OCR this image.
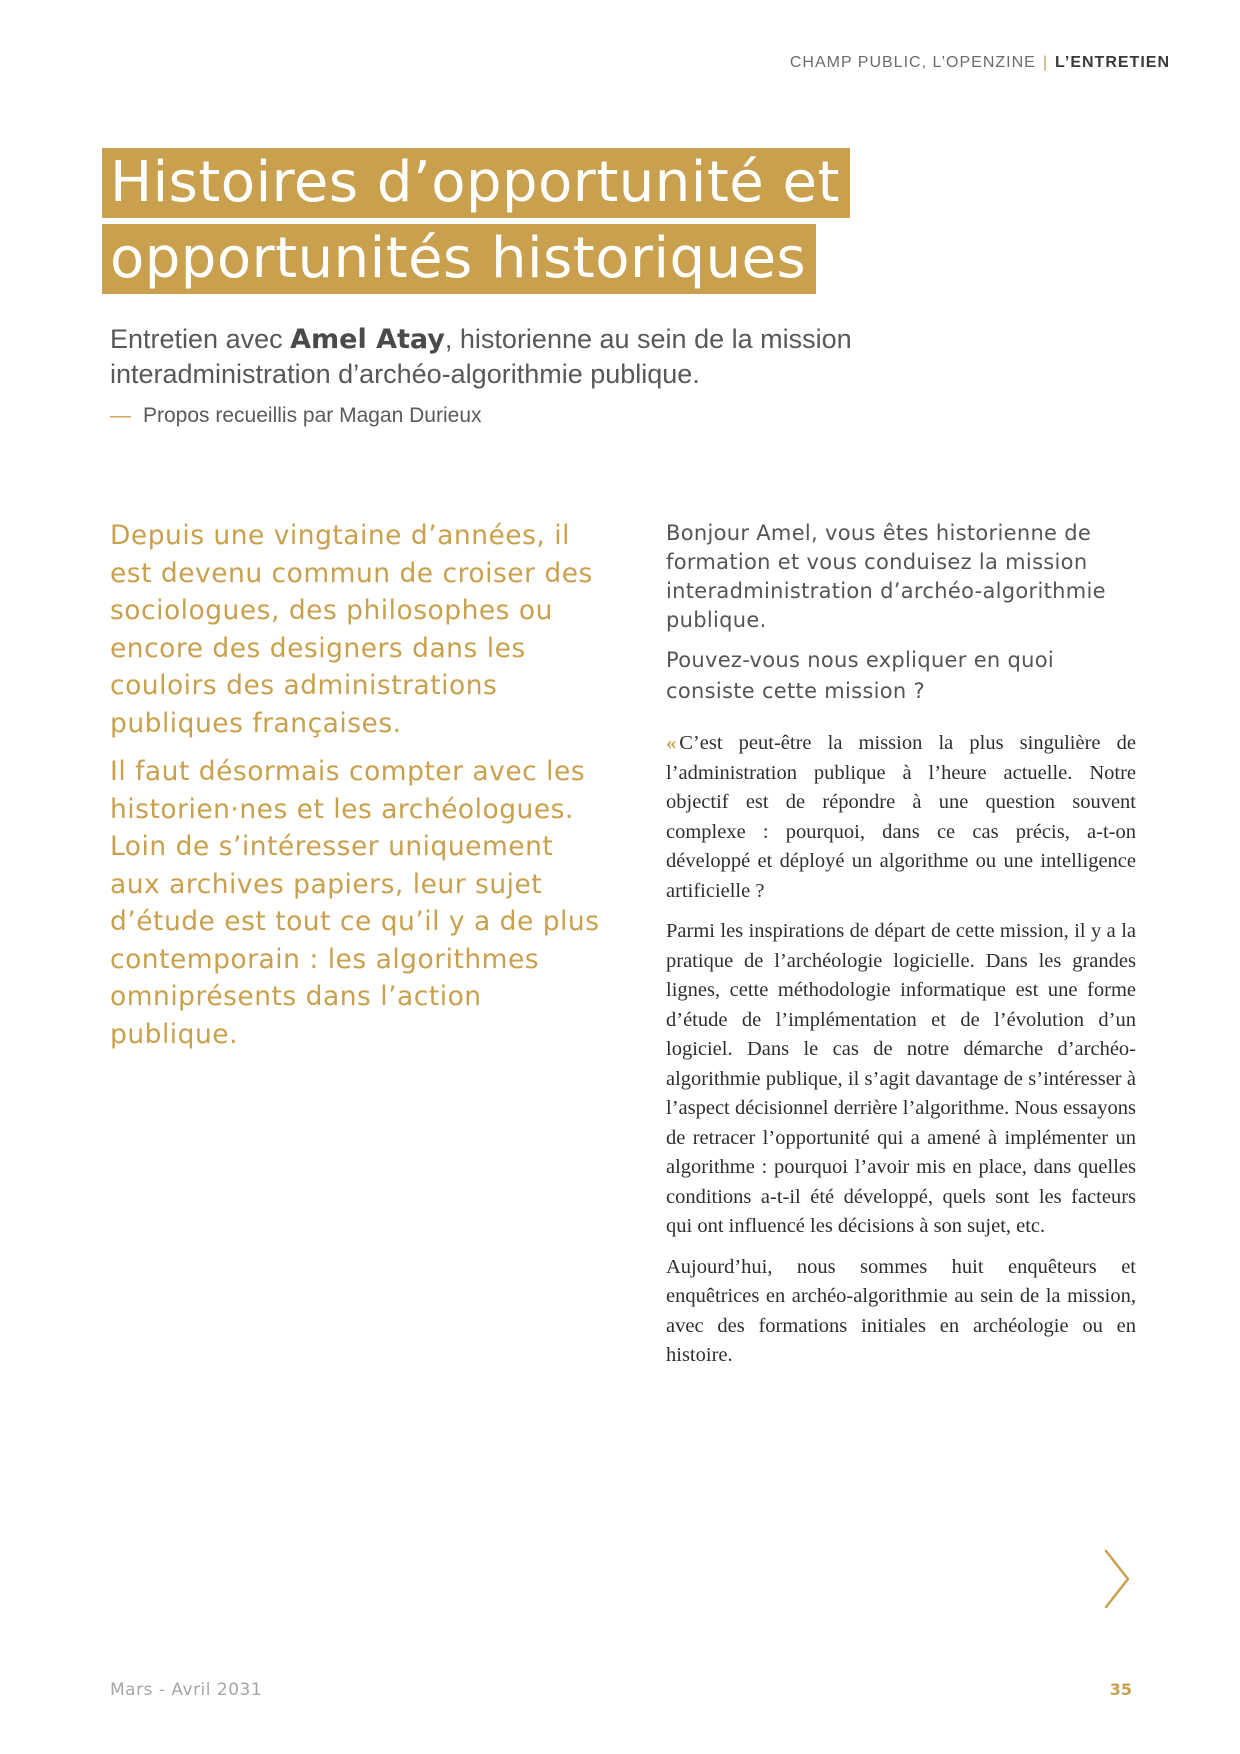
CHAMP PUBLIC, L’OPENZINE | L’ENTRETIEN
Histoires d’opportunité et
opportunités historiques
Entretien avec Amel Atay, historienne au sein de la mission interadministration d’archéo-algorithmie publique.
— Propos recueillis par Magan Durieux

Depuis une vingtaine d’années, il est devenu commun de croiser des sociologues, des philosophes ou encore des designers dans les couloirs des administrations publiques françaises.

Il faut désormais compter avec les historien·nes et les archéologues. Loin de s’intéresser uniquement aux archives papiers, leur sujet d’étude est tout ce qu’il y a de plus contemporain : les algorithmes omniprésents dans l’action publique.

Bonjour Amel, vous êtes historienne de formation et vous conduisez la mission interadministration d’archéo-algorithmie publique.

Pouvez-vous nous expliquer en quoi consiste cette mission ?

« C’est peut-être la mission la plus singulière de l’administration publique à l’heure actuelle. Notre objectif est de répondre à une question souvent complexe : pourquoi, dans ce cas précis, a-t-on développé et déployé un algorithme ou une intelligence artificielle ?

Parmi les inspirations de départ de cette mission, il y a la pratique de l’archéologie logicielle. Dans les grandes lignes, cette méthodologie informatique est une forme d’étude de l’implémentation et de l’évolution d’un logiciel. Dans le cas de notre démarche d’archéo-algorithmie publique, il s’agit davantage de s’intéresser à l’aspect décisionnel derrière l’algorithme. Nous essayons de retracer l’opportunité qui a amené à implémenter un algorithme : pourquoi l’avoir mis en place, dans quelles conditions a-t-il été développé, quels sont les facteurs qui ont influencé les décisions à son sujet, etc.

Aujourd’hui, nous sommes huit enquêteurs et enquêtrices en archéo-algorithmie au sein de la mission, avec des formations initiales en archéologie ou en histoire.

Mars - Avril 2031	35
